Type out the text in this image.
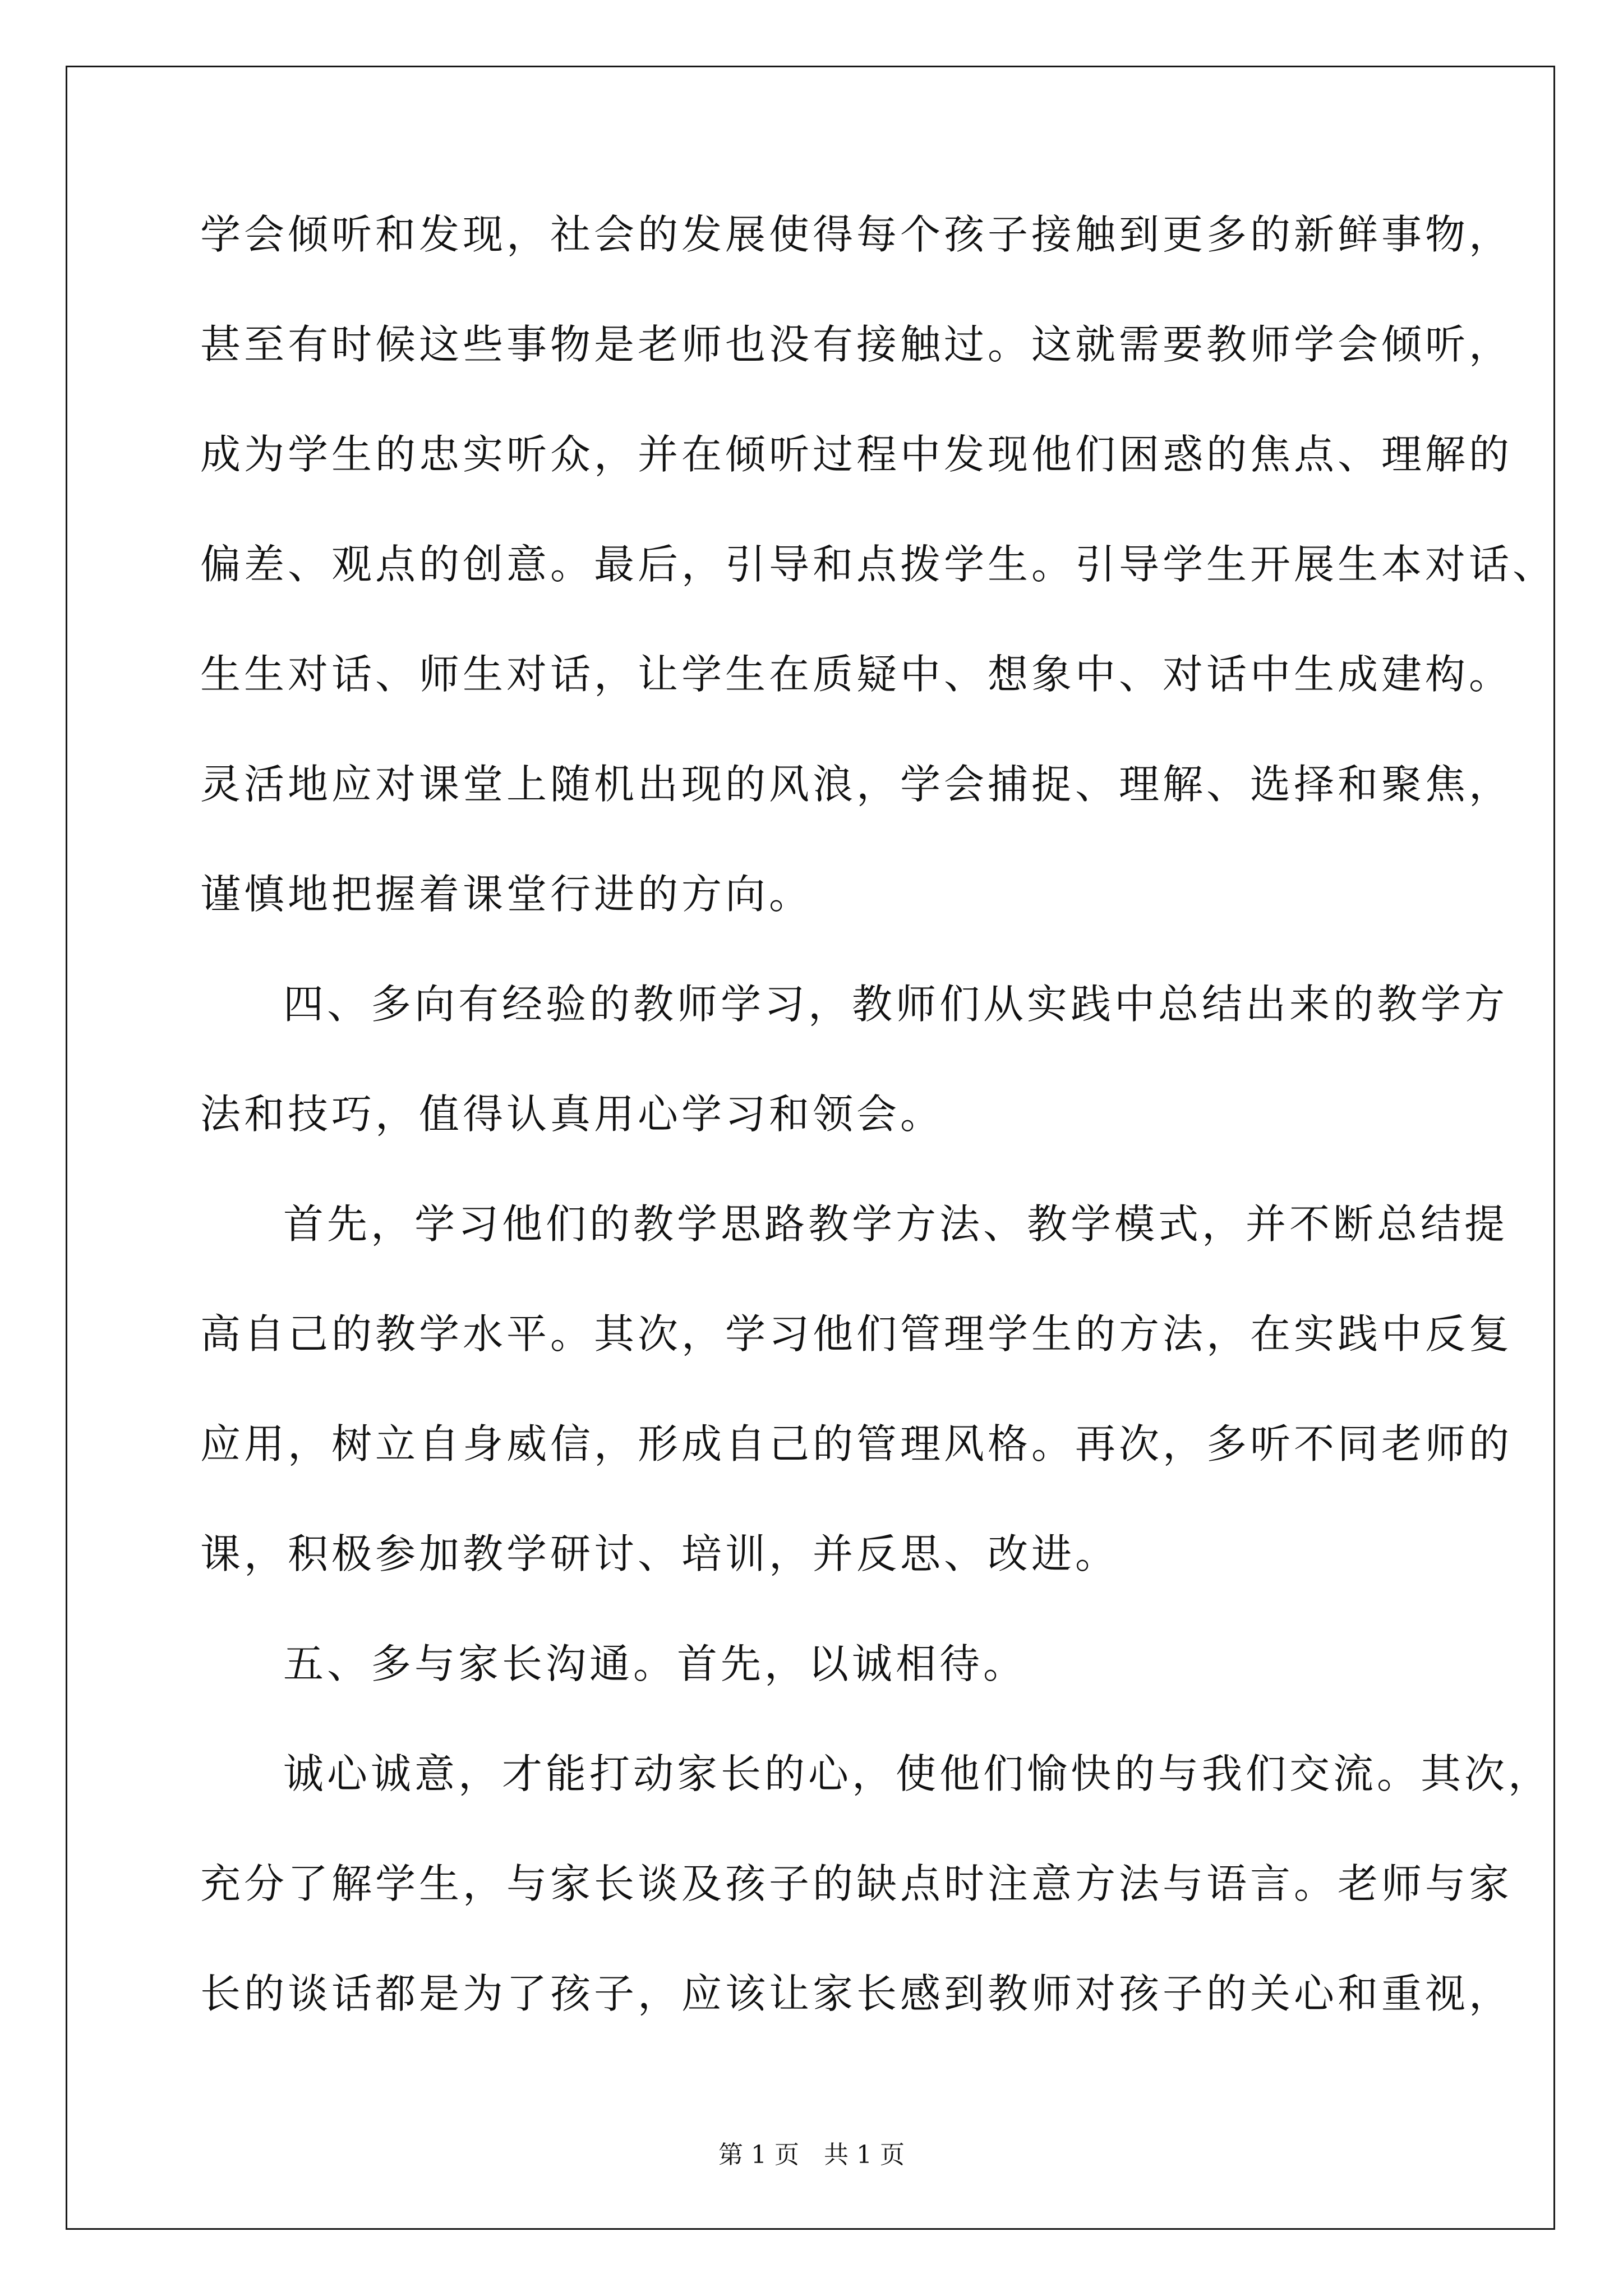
学会倾听和发现，社会的发展使得每个孩子接触到更多的新鲜事物，
甚至有时候这些事物是老师也没有接触过。这就需要教师学会倾听，
成为学生的忠实听众，并在倾听过程中发现他们困惑的焦点、理解的
偏差、观点的创意。最后，引导和点拨学生。引导学生开展生本对话、
生生对话、师生对话，让学生在质疑中、想象中、对话中生成建构。
灵活地应对课堂上随机出现的风浪，学会捕捉、理解、选择和聚焦，
谨慎地把握着课堂行进的方向。
四、多向有经验的教师学习，教师们从实践中总结出来的教学方
法和技巧，值得认真用心学习和领会。
首先，学习他们的教学思路教学方法、教学模式，并不断总结提
高自己的教学水平。其次，学习他们管理学生的方法，在实践中反复
应用，树立自身威信，形成自己的管理风格。再次，多听不同老师的
课，积极参加教学研讨、培训，并反思、改进。
五、多与家长沟通。首先，以诚相待。
诚心诚意，才能打动家长的心，使他们愉快的与我们交流。其次，
充分了解学生，与家长谈及孩子的缺点时注意方法与语言。老师与家
长的谈话都是为了孩子，应该让家长感到教师对孩子的关心和重视，
第 1 页　共 1 页
